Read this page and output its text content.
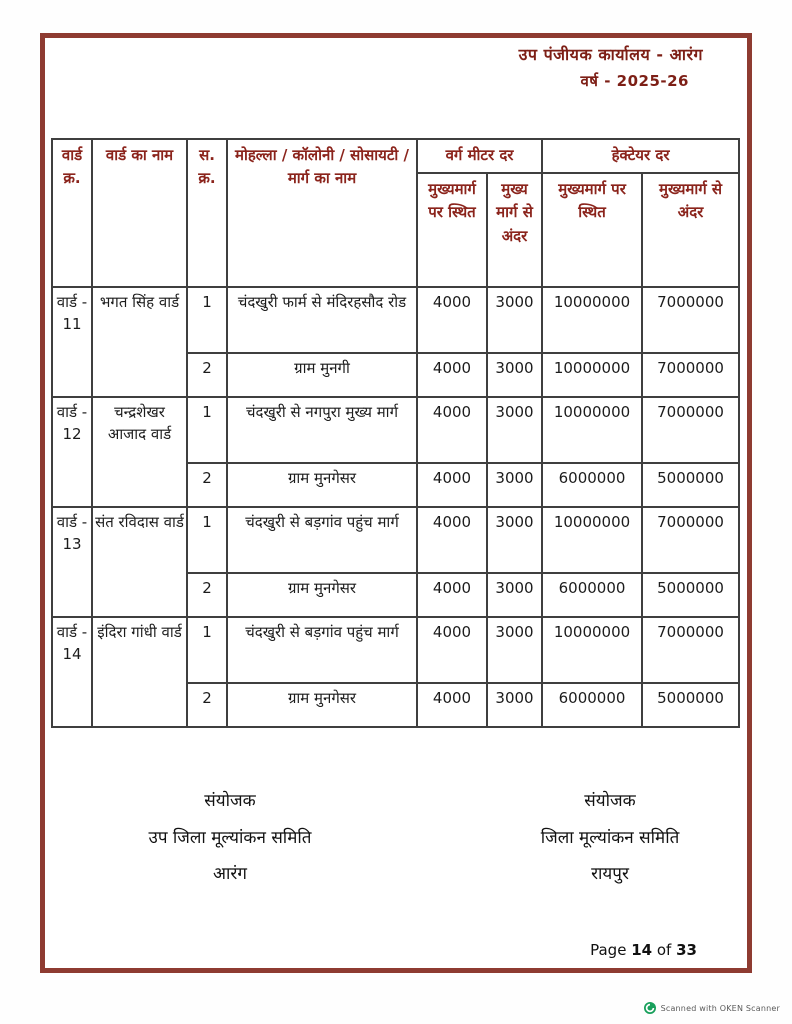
उप पंजीयक कार्यालय - आरंग
वर्ष - 2025-26
वार्ड क्र.	वार्ड का नाम	स. क्र.	मोहल्ला / कॉलोनी / सोसायटी / मार्ग का नाम	वर्ग मीटर दर		हेक्टेयर दर	
				मुख्यमार्ग पर स्थित	मुख्य मार्ग से अंदर	मुख्यमार्ग पर स्थित	मुख्यमार्ग से अंदर
वार्ड - 11	भगत सिंह वार्ड	1	चंदखुरी फार्म से मंदिरहसौद रोड	4000	3000	10000000	7000000
		2	ग्राम मुनगी	4000	3000	10000000	7000000
वार्ड - 12	चन्द्रशेखर आजाद वार्ड	1	चंदखुरी से नगपुरा मुख्य मार्ग	4000	3000	10000000	7000000
		2	ग्राम मुनगेसर	4000	3000	6000000	5000000
वार्ड - 13	संत रविदास वार्ड	1	चंदखुरी से बड़गांव पहुंच मार्ग	4000	3000	10000000	7000000
		2	ग्राम मुनगेसर	4000	3000	6000000	5000000
वार्ड - 14	इंदिरा गांधी वार्ड	1	चंदखुरी से बड़गांव पहुंच मार्ग	4000	3000	10000000	7000000
		2	ग्राम मुनगेसर	4000	3000	6000000	5000000
संयोजक
उप जिला मूल्यांकन समिति
आरंग
संयोजक
जिला मूल्यांकन समिति
रायपुर
Page 14 of 33
Scanned with OKEN Scanner
